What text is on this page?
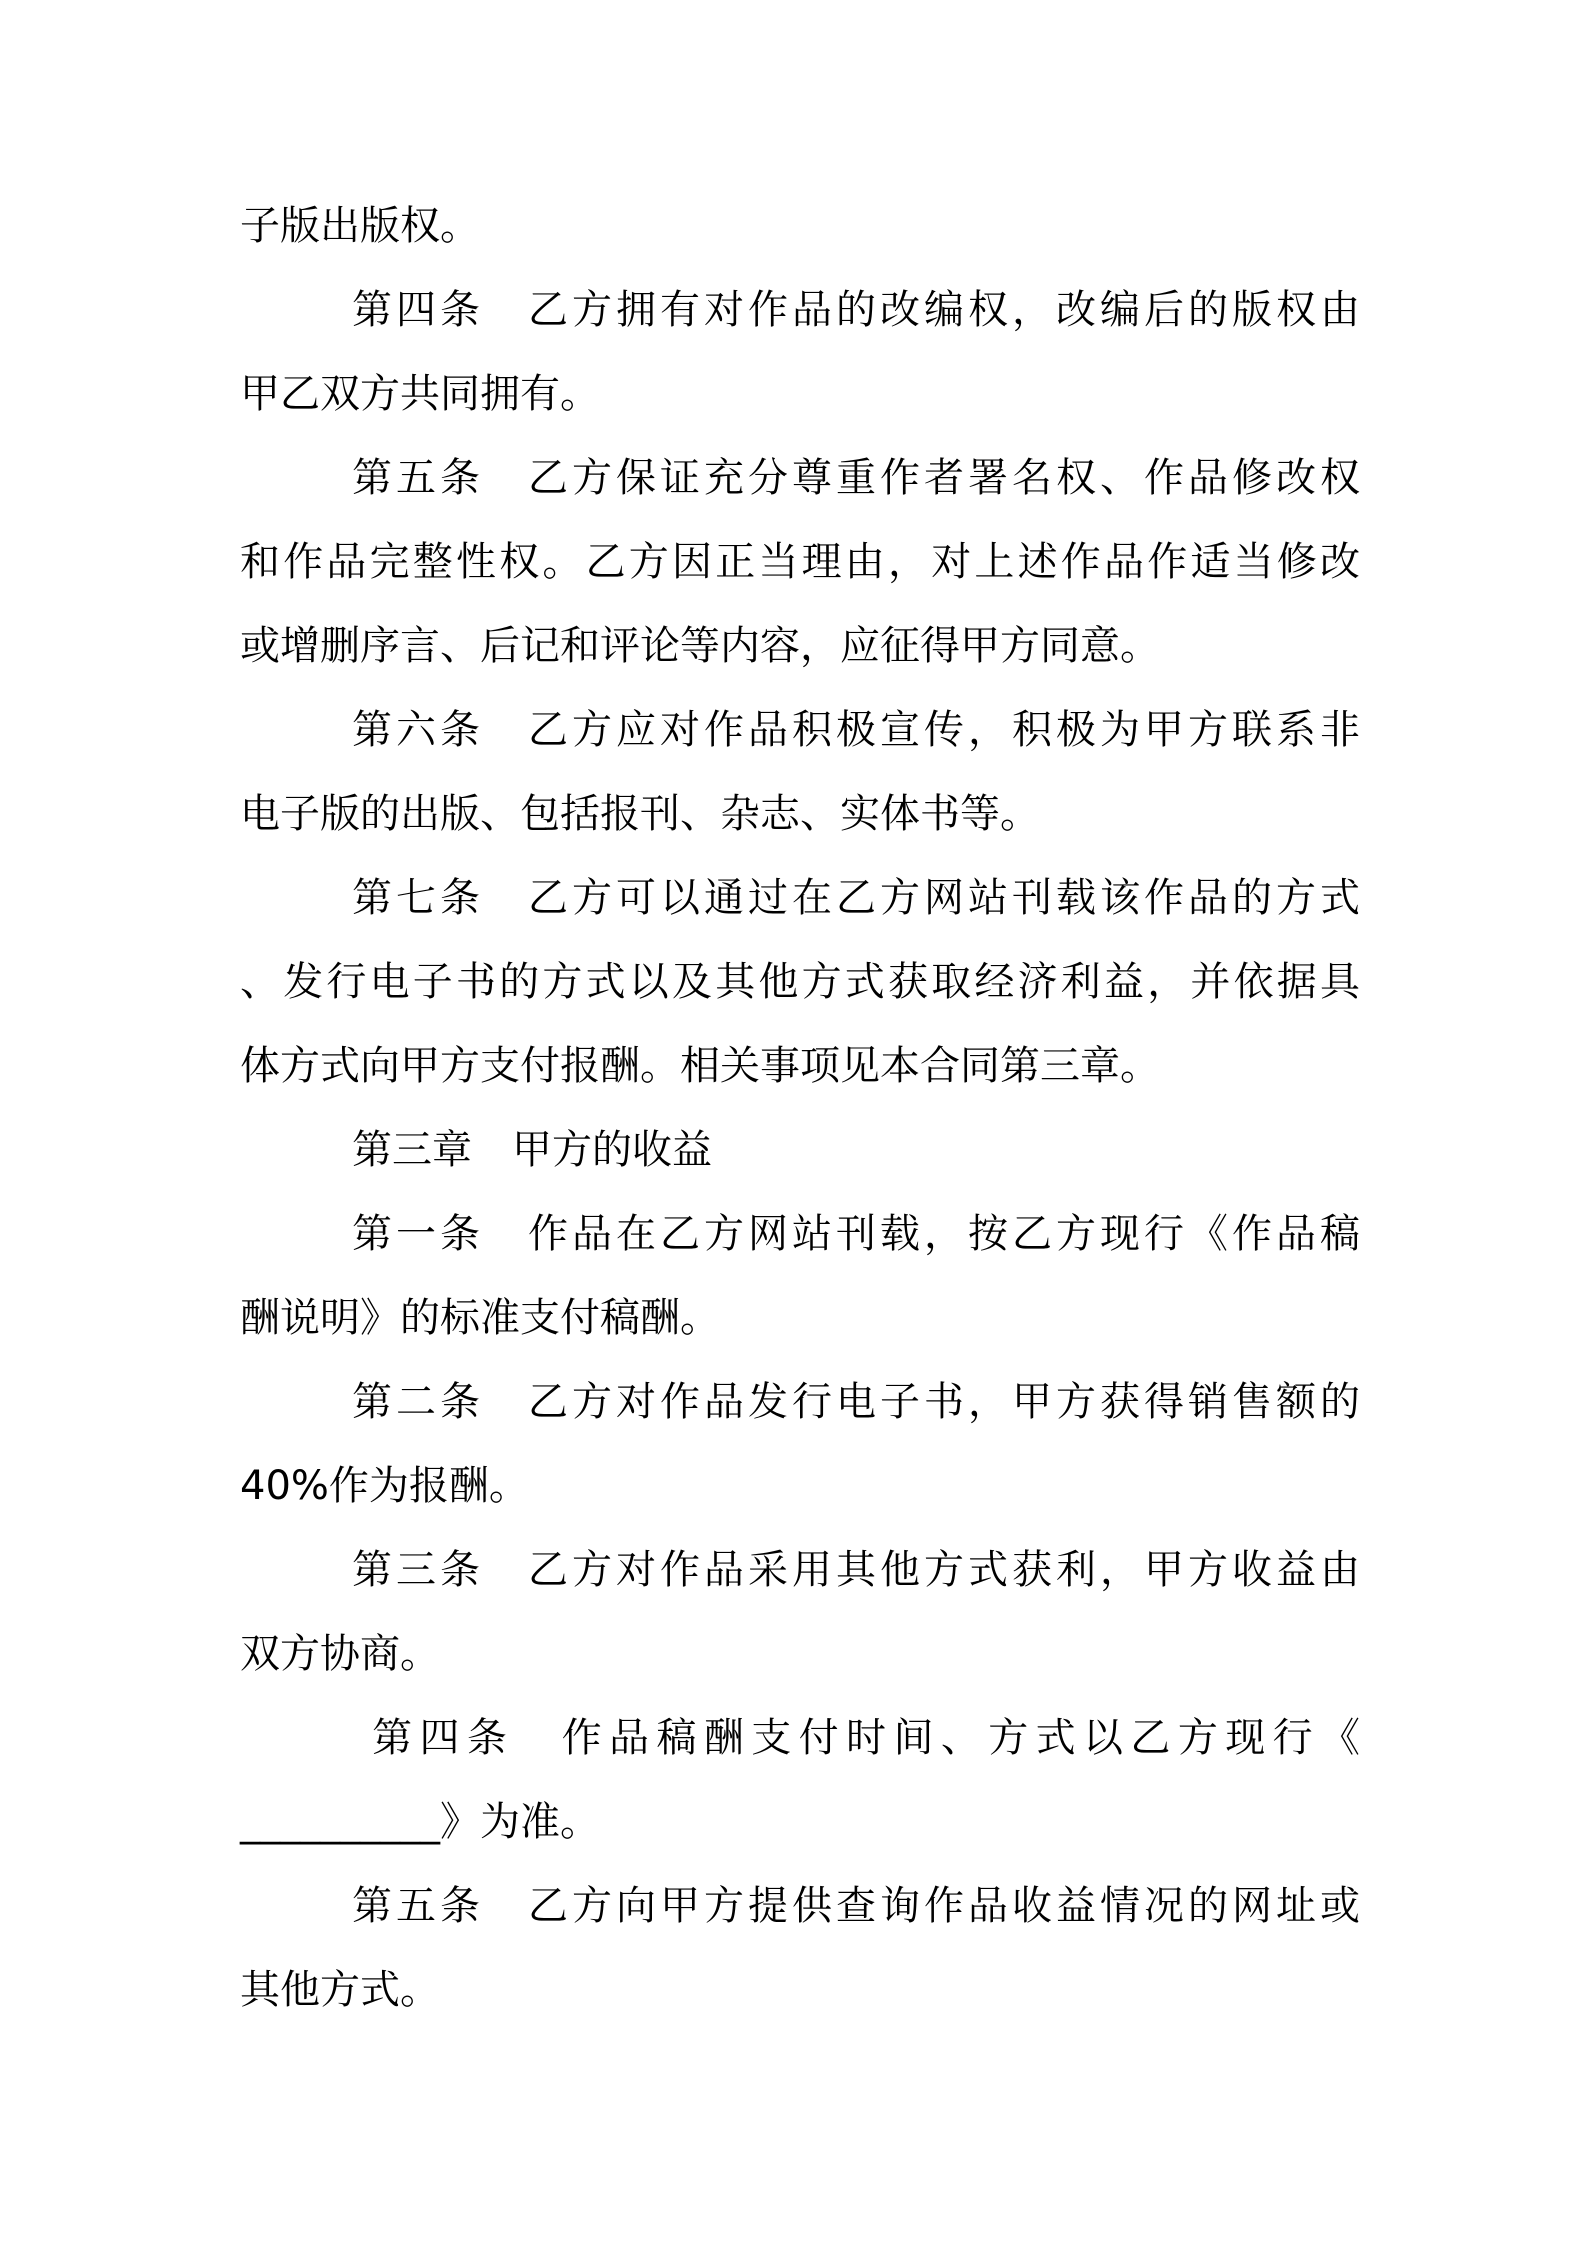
子版出版权。
第四条　乙方拥有对作品的改编权，改编后的版权由
甲乙双方共同拥有。
第五条　乙方保证充分尊重作者署名权、作品修改权
和作品完整性权。乙方因正当理由，对上述作品作适当修改
或增删序言、后记和评论等内容，应征得甲方同意。
第六条　乙方应对作品积极宣传，积极为甲方联系非
电子版的出版、包括报刊、杂志、实体书等。
第七条　乙方可以通过在乙方网站刊载该作品的方式
、发行电子书的方式以及其他方式获取经济利益，并依据具
体方式向甲方支付报酬。相关事项见本合同第三章。
第三章　甲方的收益
第一条　作品在乙方网站刊载，按乙方现行《作品稿
酬说明》的标准支付稿酬。
第二条　乙方对作品发行电子书，甲方获得销售额的
40%作为报酬。
第三条　乙方对作品采用其他方式获利，甲方收益由
双方协商。
第四条　作品稿酬支付时间、方式以乙方现行《
__________》为准。
第五条　乙方向甲方提供查询作品收益情况的网址或
其他方式。
